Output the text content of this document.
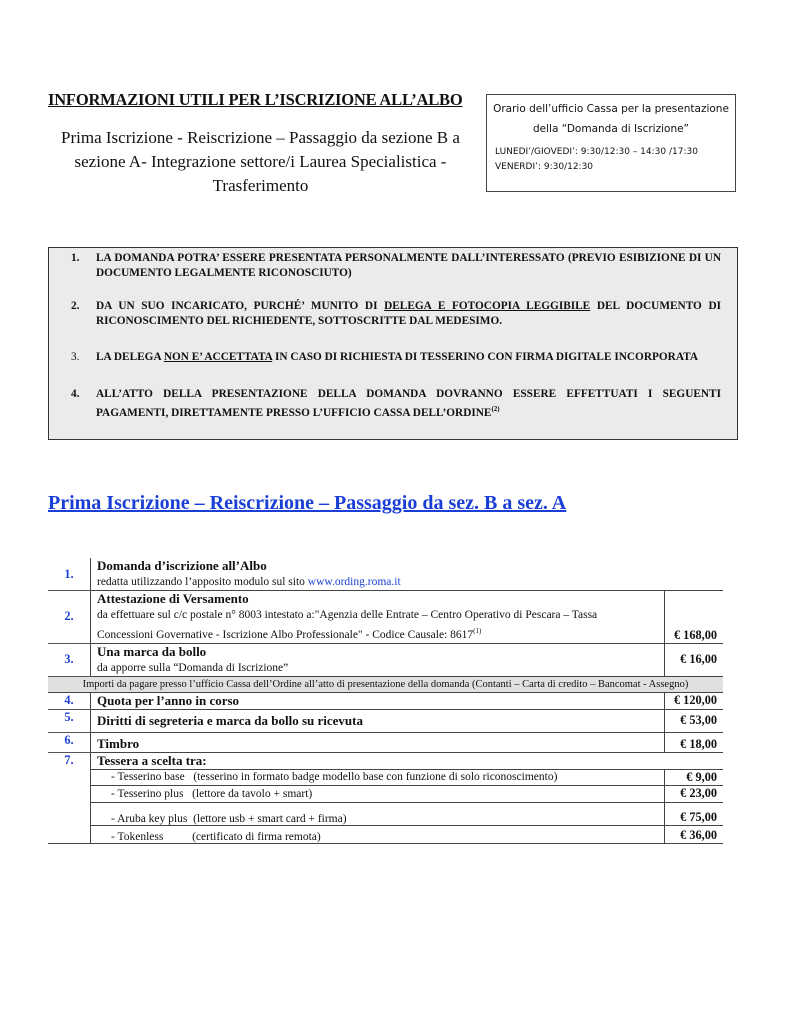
INFORMAZIONI UTILI PER L’ISCRIZIONE ALL’ALBO
Prima Iscrizione - Reiscrizione – Passaggio da sezione B a sezione A- Integrazione settore/i Laurea Specialistica - Trasferimento
Orario dell’ufficio Cassa per la presentazione della “Domanda di Iscrizione”
LUNEDI’/GIOVEDI’: 9:30/12:30 – 14:30 /17:30
VENERDI’: 9:30/12:30
1.	LA DOMANDA POTRA’ ESSERE PRESENTATA PERSONALMENTE DALL’INTERESSATO (PREVIO ESIBIZIONE DI UN DOCUMENTO LEGALMENTE RICONOSCIUTO)
2.	DA UN SUO INCARICATO, PURCHÉ’ MUNITO DI DELEGA E FOTOCOPIA LEGGIBILE DEL DOCUMENTO DI RICONOSCIMENTO DEL RICHIEDENTE, SOTTOSCRITTE DAL MEDESIMO.
3.	LA DELEGA NON E’ ACCETTATA IN CASO DI RICHIESTA DI TESSERINO CON FIRMA DIGITALE INCORPORATA
4.	ALL’ATTO DELLA PRESENTAZIONE DELLA DOMANDA DOVRANNO ESSERE EFFETTUATI I SEGUENTI PAGAMENTI, DIRETTAMENTE PRESSO L’UFFICIO CASSA DELL’ORDINE$^{(2)}$
Prima Iscrizione – Reiscrizione – Passaggio da sez. B a sez. A
1.	Domanda d’iscrizione all’Albo
redatta utilizzando l’apposito modulo sul sito www.ording.roma.it	

2.	Attestazione di Versamento
da effettuare sul c/c postale n° 8003 intestato a:"Agenzia delle Entrate – Centro Operativo di Pescara – Tassa
Concessioni Governative - Iscrizione Albo Professionale" - Codice Causale: 8617$^{(1)}$	€ 168,00
3.	Una marca da bollo
da apporre sulla “Domanda di Iscrizione”	€ 16,00
Importi da pagare presso l’ufficio Cassa dell’Ordine all’atto di presentazione della domanda (Contanti – Carta di credito – Bancomat - Assegno)		
4.	Quota per l’anno in corso	€ 120,00
5.	Diritti di segreteria e marca da bollo su ricevuta	€ 53,00
6.	Timbro	€ 18,00
7.	Tessera a scelta tra:	
	- Tesserino base   (tesserino in formato badge modello base con funzione di solo riconoscimento)	€ 9,00
	- Tesserino plus   (lettore da tavolo + smart)	€ 23,00
	- Aruba key plus  (lettore usb + smart card + firma)	€ 75,00
	- Tokenless          (certificato di firma remota)	€ 36,00
